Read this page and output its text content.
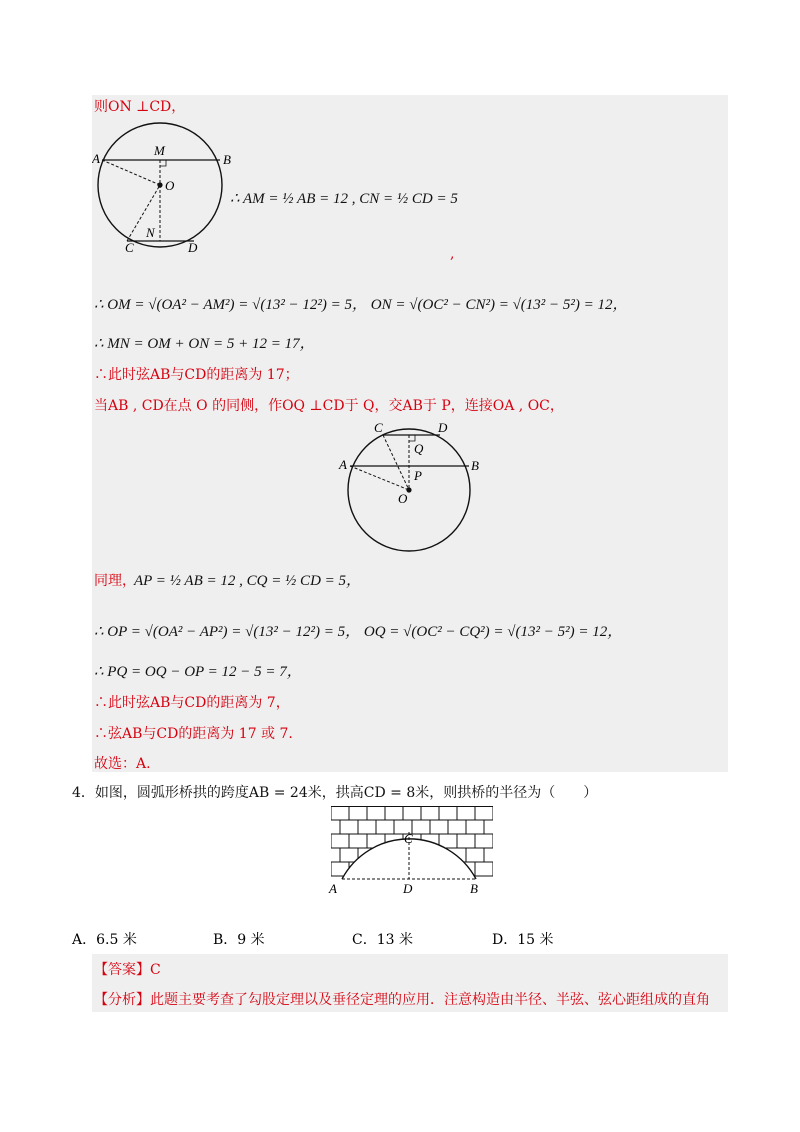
则ON ⊥CD，
A	B
M
O
C
N
D
∴ AM = ½ AB = 12 , CN = ½ CD = 5
,
∴ OM = √(OA² − AM²) = √(13² − 12²) = 5， ON = √(OC² − CN²) = √(13² − 5²) = 12，
∴ MN = OM + ON = 5 + 12 = 17，
∴此时弦AB与CD的距离为 17；
当AB , CD在点 O 的同侧，作OQ ⊥CD于 Q，交AB于 P，连接OA , OC，
C	D
Q
A
P
B
O
同理，
AP = ½ AB = 12 , CQ = ½ CD = 5，
∴ OP = √(OA² − AP²) = √(13² − 12²) = 5， OQ = √(OC² − CQ²) = √(13² − 5²) = 12，
∴ PQ = OQ − OP = 12 − 5 = 7，
∴此时弦AB与CD的距离为 7，
∴弦AB与CD的距离为 17 或 7.
故选：A.
4．如图，圆弧形桥拱的跨度AB = 24米，拱高CD = 8米，则拱桥的半径为（　　）
A	B
C
D
A．6.5 米	B．9 米	C．13 米	D．15 米
【答案】C
【分析】此题主要考查了勾股定理以及垂径定理的应用．注意构造由半径、半弦、弦心距组成的直角
